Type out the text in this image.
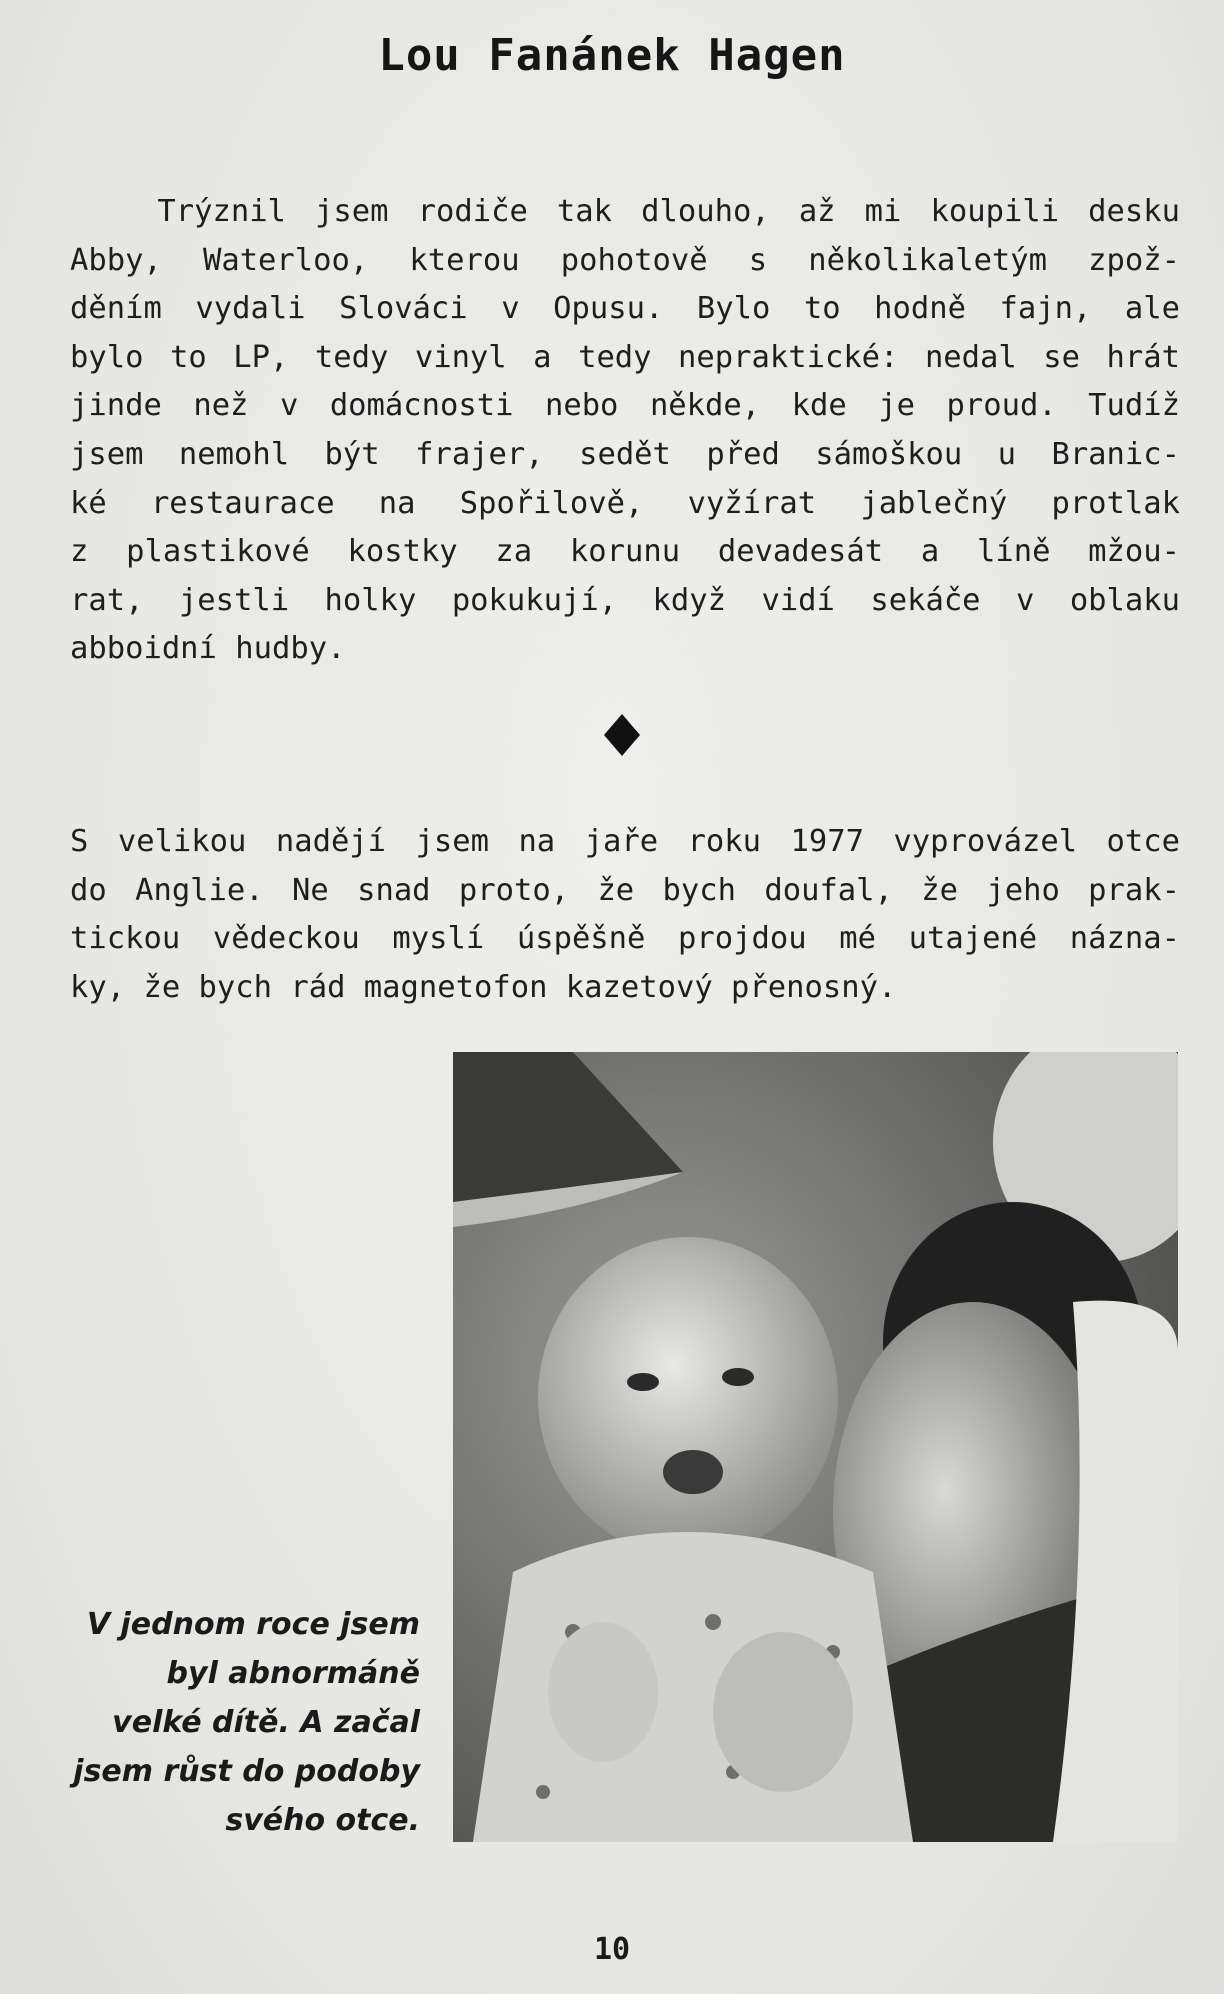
Lou Fanánek Hagen
Trýznil jsem rodiče tak dlouho, až mi koupili desku
Abby, Waterloo, kterou pohotově s několikaletým zpož-
děním vydali Slováci v Opusu. Bylo to hodně fajn, ale
bylo to LP, tedy vinyl a tedy nepraktické: nedal se hrát
jinde než v domácnosti nebo někde, kde je proud. Tudíž
jsem nemohl být frajer, sedět před sámoškou u Branic-
ké restaurace na Spořilově, vyžírat jablečný protlak
z plastikové kostky za korunu devadesát a líně mžou-
rat, jestli holky pokukují, když vidí sekáče v oblaku
abboidní hudby.
S velikou nadějí jsem na jaře roku 1977 vyprovázel otce
do Anglie. Ne snad proto, že bych doufal, že jeho prak-
tickou vědeckou myslí úspěšně projdou mé utajené názna-
ky, že bych rád magnetofon kazetový přenosný.
V jednom roce jsem
byl abnormáně
velké dítě. A začal
jsem růst do podoby
svého otce.
10
